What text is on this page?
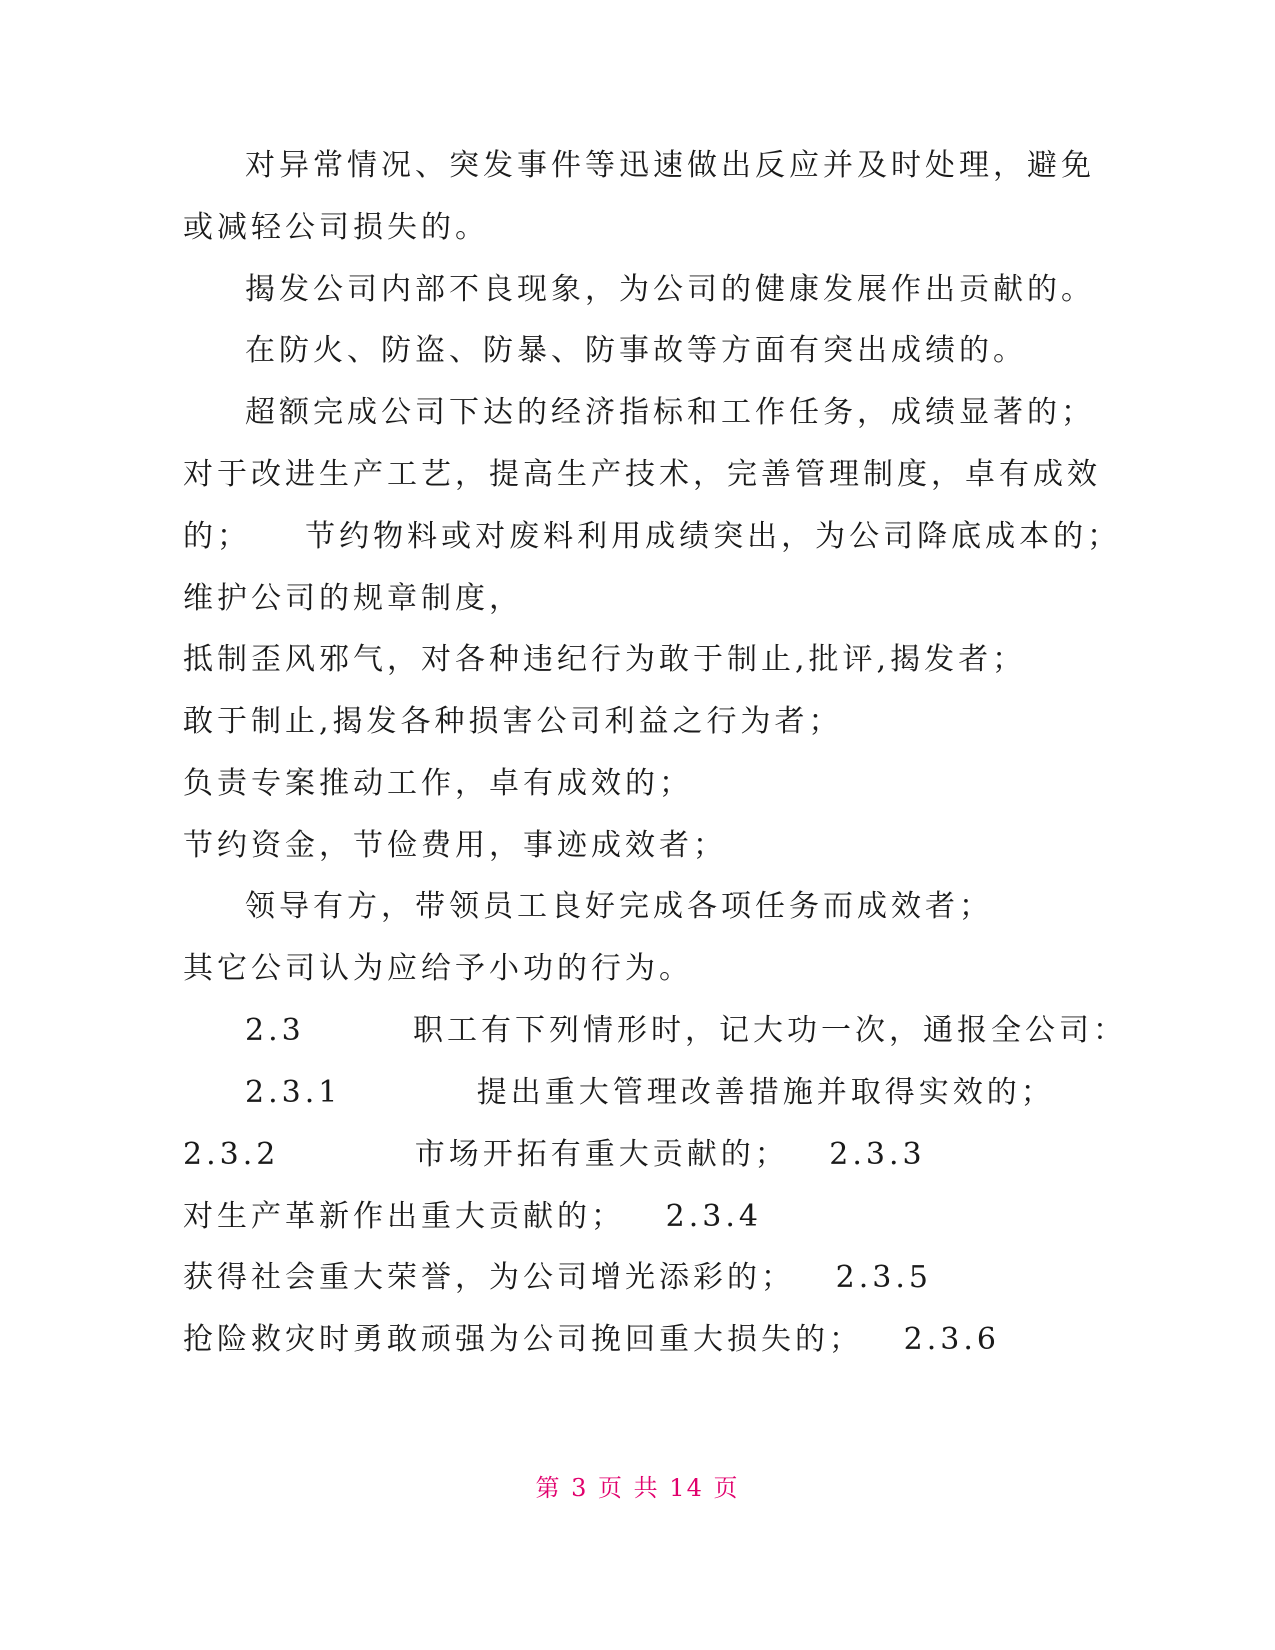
对异常情况、突发事件等迅速做出反应并及时处理，避免
或减轻公司损失的。
揭发公司内部不良现象，为公司的健康发展作出贡献的。
在防火、防盗、防暴、防事故等方面有突出成绩的。
超额完成公司下达的经济指标和工作任务，成绩显著的；
对于改进生产工艺，提高生产技术，完善管理制度，卓有成效
的；    节约物料或对废料利用成绩突出，为公司降底成本的；
维护公司的规章制度，
抵制歪风邪气，对各种违纪行为敢于制止,批评,揭发者；
敢于制止,揭发各种损害公司利益之行为者；
负责专案推动工作，卓有成效的；
节约资金，节俭费用，事迹成效者；
领导有方，带领员工良好完成各项任务而成效者；
其它公司认为应给予小功的行为。
2.3        职工有下列情形时，记大功一次，通报全公司：
2.3.1          提出重大管理改善措施并取得实效的；
2.3.2          市场开拓有重大贡献的；   2.3.3
对生产革新作出重大贡献的；   2.3.4
获得社会重大荣誉，为公司增光添彩的；   2.3.5
抢险救灾时勇敢顽强为公司挽回重大损失的；   2.3.6
第 3 页 共 14 页
